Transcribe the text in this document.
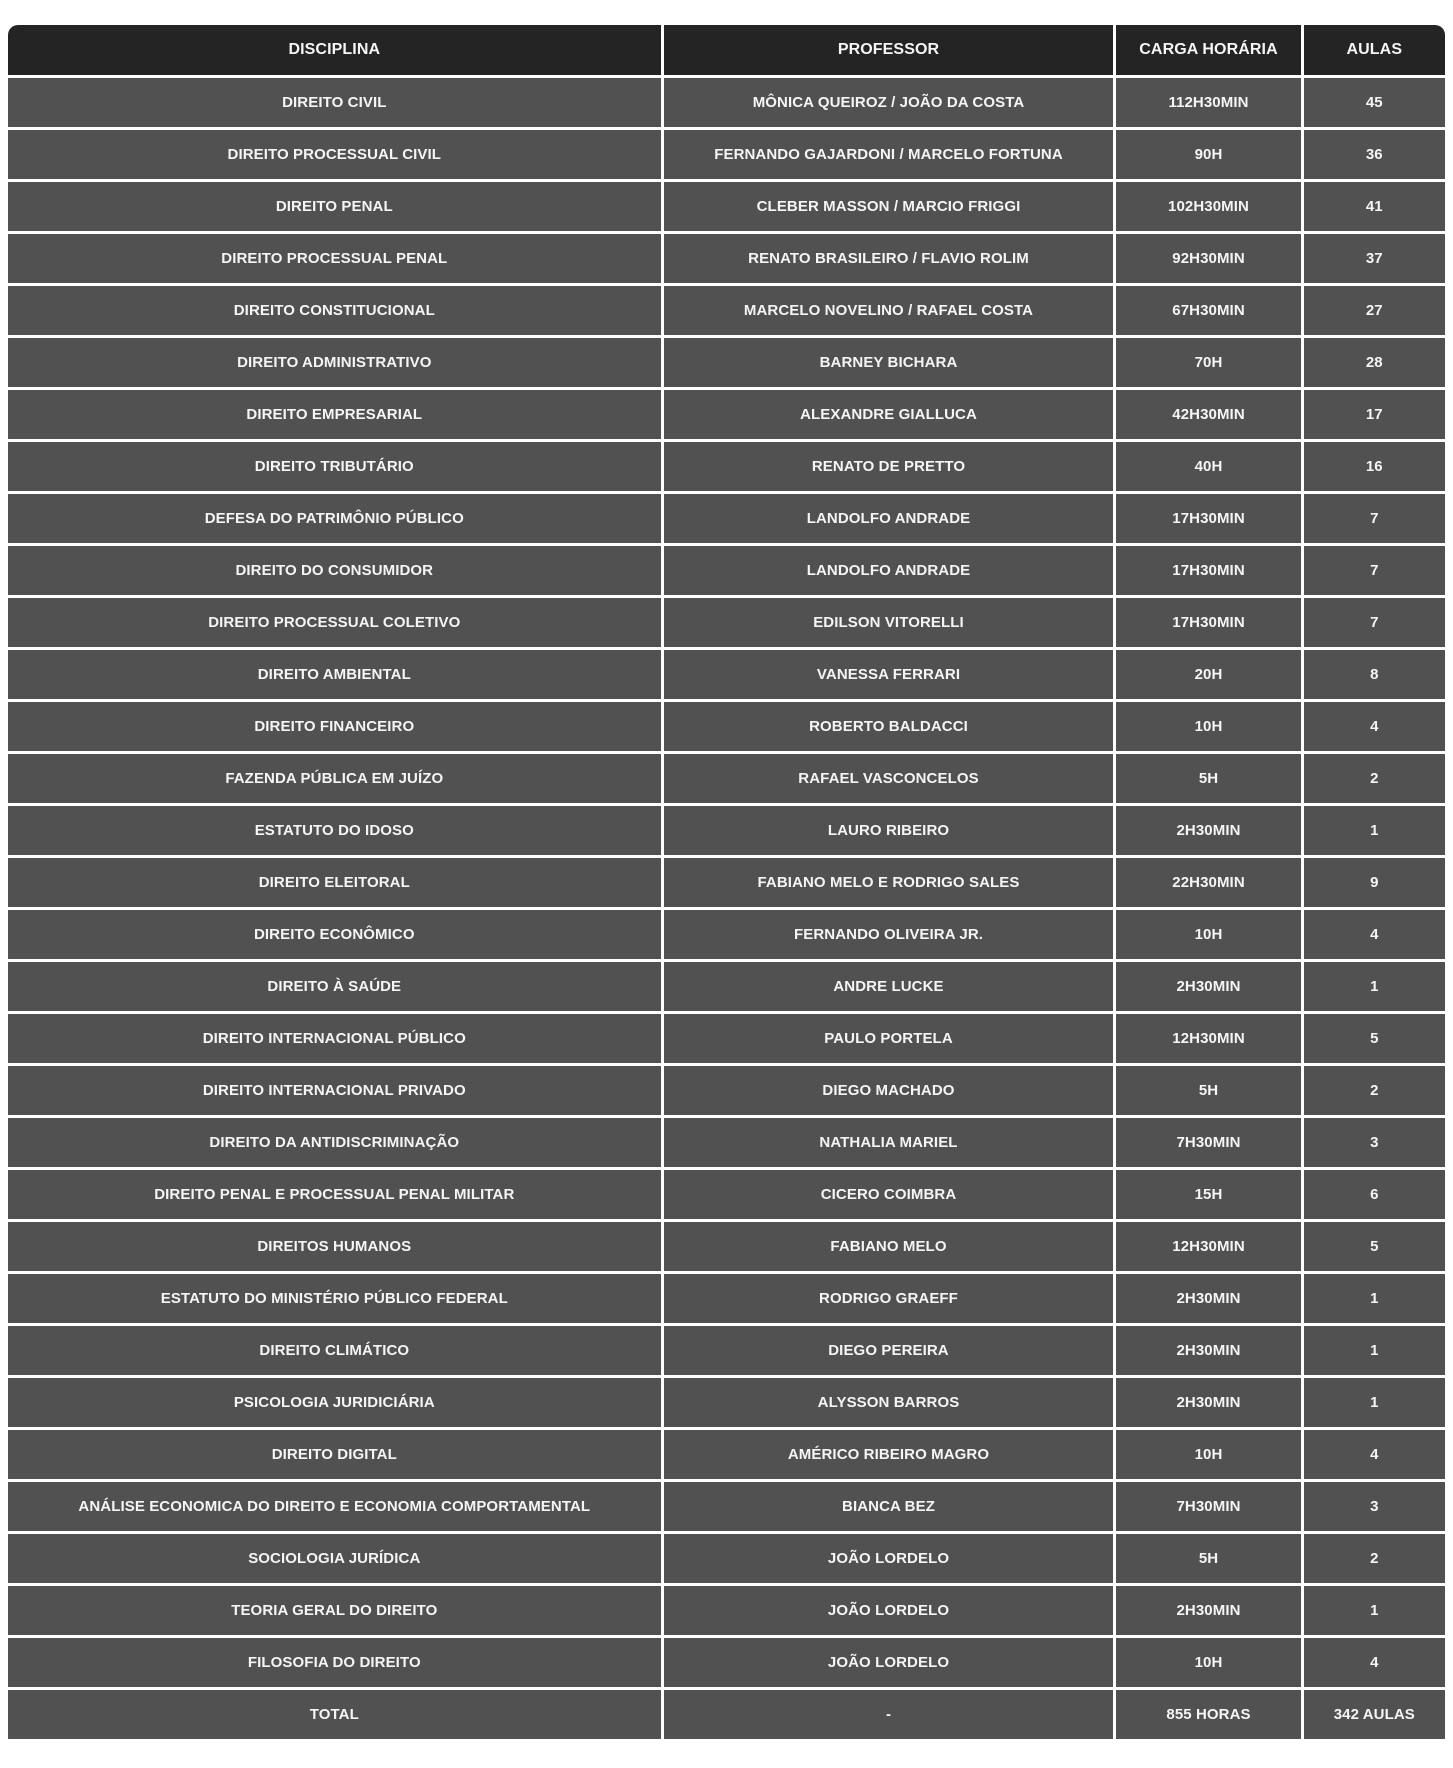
DISCIPLINA	PROFESSOR	CARGA HORÁRIA	AULAS
DIREITO CIVIL	MÔNICA QUEIROZ / JOÃO DA COSTA	112H30MIN	45
DIREITO PROCESSUAL CIVIL	FERNANDO GAJARDONI / MARCELO FORTUNA	90H	36
DIREITO PENAL	CLEBER MASSON / MARCIO FRIGGI	102H30MIN	41
DIREITO PROCESSUAL PENAL	RENATO BRASILEIRO / FLAVIO ROLIM	92H30MIN	37
DIREITO CONSTITUCIONAL	MARCELO NOVELINO / RAFAEL COSTA	67H30MIN	27
DIREITO ADMINISTRATIVO	BARNEY BICHARA	70H	28
DIREITO EMPRESARIAL	ALEXANDRE GIALLUCA	42H30MIN	17
DIREITO TRIBUTÁRIO	RENATO DE PRETTO	40H	16
DEFESA DO PATRIMÔNIO PÚBLICO	LANDOLFO ANDRADE	17H30MIN	7
DIREITO DO CONSUMIDOR	LANDOLFO ANDRADE	17H30MIN	7
DIREITO PROCESSUAL COLETIVO	EDILSON VITORELLI	17H30MIN	7
DIREITO AMBIENTAL	VANESSA FERRARI	20H	8
DIREITO FINANCEIRO	ROBERTO BALDACCI	10H	4
FAZENDA PÚBLICA EM JUÍZO	RAFAEL VASCONCELOS	5H	2
ESTATUTO DO IDOSO	LAURO RIBEIRO	2H30MIN	1
DIREITO ELEITORAL	FABIANO MELO E RODRIGO SALES	22H30MIN	9
DIREITO ECONÔMICO	FERNANDO OLIVEIRA JR.	10H	4
DIREITO À SAÚDE	ANDRE LUCKE	2H30MIN	1
DIREITO INTERNACIONAL PÚBLICO	PAULO PORTELA	12H30MIN	5
DIREITO INTERNACIONAL PRIVADO	DIEGO MACHADO	5H	2
DIREITO DA ANTIDISCRIMINAÇÃO	NATHALIA MARIEL	7H30MIN	3
DIREITO PENAL E PROCESSUAL PENAL MILITAR	CICERO COIMBRA	15H	6
DIREITOS HUMANOS	FABIANO MELO	12H30MIN	5
ESTATUTO DO MINISTÉRIO PÚBLICO FEDERAL	RODRIGO GRAEFF	2H30MIN	1
DIREITO CLIMÁTICO	DIEGO PEREIRA	2H30MIN	1
PSICOLOGIA JURIDICIÁRIA	ALYSSON BARROS	2H30MIN	1
DIREITO DIGITAL	AMÉRICO RIBEIRO MAGRO	10H	4
ANÁLISE ECONOMICA DO DIREITO E ECONOMIA COMPORTAMENTAL	BIANCA BEZ	7H30MIN	3
SOCIOLOGIA JURÍDICA	JOÃO LORDELO	5H	2
TEORIA GERAL DO DIREITO	JOÃO LORDELO	2H30MIN	1
FILOSOFIA DO DIREITO	JOÃO LORDELO	10H	4
TOTAL	-	855 HORAS	342 AULAS
